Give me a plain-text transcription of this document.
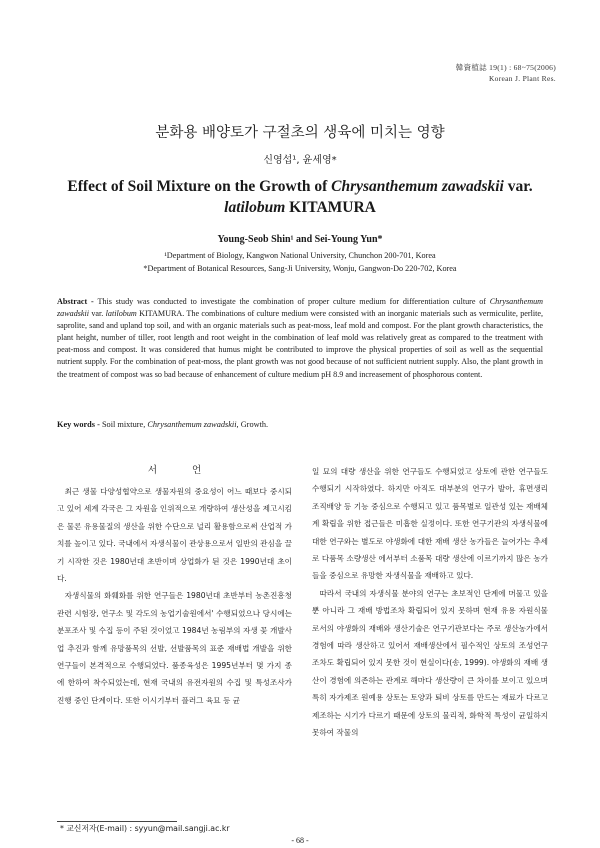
韓資植誌 19(1) : 68~75(2006)
Korean J. Plant Res.
분화용 배양토가 구절초의 생육에 미치는 영향
신영섭¹, 윤세영*
Effect of Soil Mixture on the Growth of Chrysanthemum zawadskii var.
latilobum KITAMURA
Young-Seob Shin¹ and Sei-Young Yun*
¹Department of Biology, Kangwon National University, Chunchon 200-701, Korea
*Department of Botanical Resources, Sang-Ji University, Wonju, Gangwon-Do 220-702, Korea
Abstract - This study was conducted to investigate the combination of proper culture medium for differentiation culture of Chrysanthemum zawadskii var. latilobum KITAMURA. The combinations of culture medium were consisted with an inorganic materials such as vermiculite, perlite, saprolite, sand and upland top soil, and with an organic materials such as peat-moss, leaf mold and compost. For the plant growth characteristics, the plant height, number of tiller, root length and root weight in the combination of leaf mold was relatively great as compared to the treatment with peat-moss and compost. It was considered that humus might be contributed to improve the physical properties of soil as well as the sequential nutrient supply. For the combination of peat-moss, the plant growth was not good because of not sufficient nutrient supply. Also, the plant growth in the treatment of compost was so bad because of enhancement of culture medium pH 8.9 and increasement of phosphorous content.
Key words - Soil mixture, Chrysanthemum zawadskii, Growth.
서 언

최근 생물 다양성협약으로 생물자원의 중요성이 어느 때보다 중시되고 있어 세계 각국은 그 자원을 인위적으로 개량하여 생산성을 제고시킴은 물론 유용물질의 생산을 위한 수단으로 널리 활용함으로써 산업적 가치를 높이고 있다. 국내에서 자생식물이 관상용으로서 일반의 관심을 끌기 시작한 것은 1980년대 초반이며 상업화가 된 것은 1990년대 초이다.

자생식물의 화훼화를 위한 연구들은 1980년대 초반부터 농촌진흥청 관련 시험장, 연구소 및 각도의 농업기술원에서' 수행되었으나 당시에는 분포조사 및 수집 등이 주된 것이었고 1984년 농림부의 자생 꽃 개발사업 추진과 함께 유망품목의 선발, 선발품목의 표준 재배법 개발을 위한 연구들이 본격적으로 수행되었다. 품종육성은 1995년부터 몇 가지 종에 한하여 착수되었는데, 현재 국내의 유전자원의 수집 및 특성조사가 진행 중인 단계이다. 또한 이시기부터 플러그 육묘 등 균

일 묘의 대량 생산을 위한 연구들도 수행되었고 상토에 관한 연구들도 수행되기 시작하였다. 하지만 아직도 대부분의 연구가 발아, 휴면생리 조직배양 등 기능 중심으로 수행되고 있고 품목별로 일관성 있는 재배체계 확립을 위한 접근들은 미흡한 실정이다. 또한 연구기관의 자생식물에 대한 연구와는 별도로 야생화에 대한 재배 생산 농가들은 늘어가는 추세로 다품목 소량생산 에서부터 소품목 대량 생산에 이르기까지 많은 농가들을 중심으로 유망한 자생식물을 재배하고 있다.

따라서 국내의 자생식물 분야의 연구는 초보적인 단계에 머물고 있을 뿐 아니라 그 재배 방법조차 확립되어 있지 못하며 현재 유용 자원식물로서의 야생화의 재배와 생산기술은 연구기관보다는 주로 생산농가에서 경험에 따라 생산하고 있어서 재배생산에서 필수적인 상토의 조성연구조차도 확립되어 있지 못한 것이 현실이다(송, 1999). 야생화의 재배 생산이 경험에 의존하는 관계로 해마다 생산량이 큰 차이를 보이고 있으며 특히 자가제조 원예용 상토는 토양과 퇴비 상토를 만드는 재료가 다르고 제조하는 시기가 다르기 때문에 상토의 물리적, 화학적 특성이 균일하지 못하여 작물의

* 교신저자(E-mail) : syyun@mail.sangji.ac.kr
- 68 -
